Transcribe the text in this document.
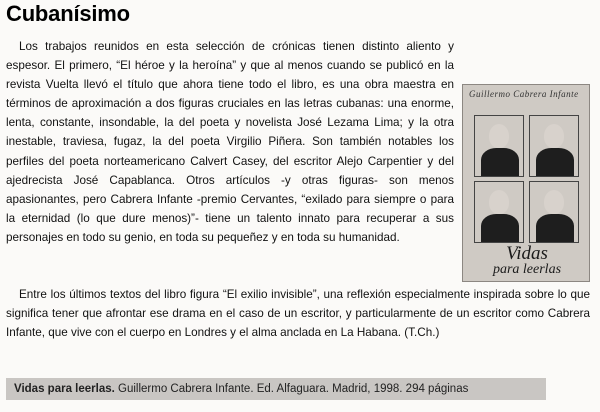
Cubanísimo

Los trabajos reunidos en esta selección de crónicas tienen distinto aliento y espesor. El primero, “El héroe y la heroína” y que al menos cuando se publicó en la revista Vuelta llevó el título que ahora tiene todo el libro, es una obra maestra en términos de aproximación a dos figuras cruciales en las letras cubanas: una enorme, lenta, constante, insondable, la del poeta y novelista José Lezama Lima; y la otra inestable, traviesa, fugaz, la del poeta Virgilio Piñera. Son también notables los perfiles del poeta norteamericano Calvert Casey, del escritor Alejo Carpentier y del ajedrecista José Capablanca. Otros artículos -y otras figuras- son menos apasionantes, pero Cabrera Infante -premio Cervantes, “exilado para siempre o para la eternidad (lo que dure menos)”- tiene un talento innato para recuperar a sus personajes en todo su genio, en toda su pequeñez y en toda su humanidad.

Entre los últimos textos del libro figura “El exilio invisible”, una reflexión especialmente inspirada sobre lo que significa tener que afrontar ese drama en el caso de un escritor, y particularmente de un escritor como Cabrera Infante, que vive con el cuerpo en Londres y el alma anclada en La Habana. (T.Ch.)

Guillermo Cabrera Infante
Vidas
para leerlas
Vidas para leerlas. Guillermo Cabrera Infante. Ed. Alfaguara. Madrid, 1998. 294 páginas
